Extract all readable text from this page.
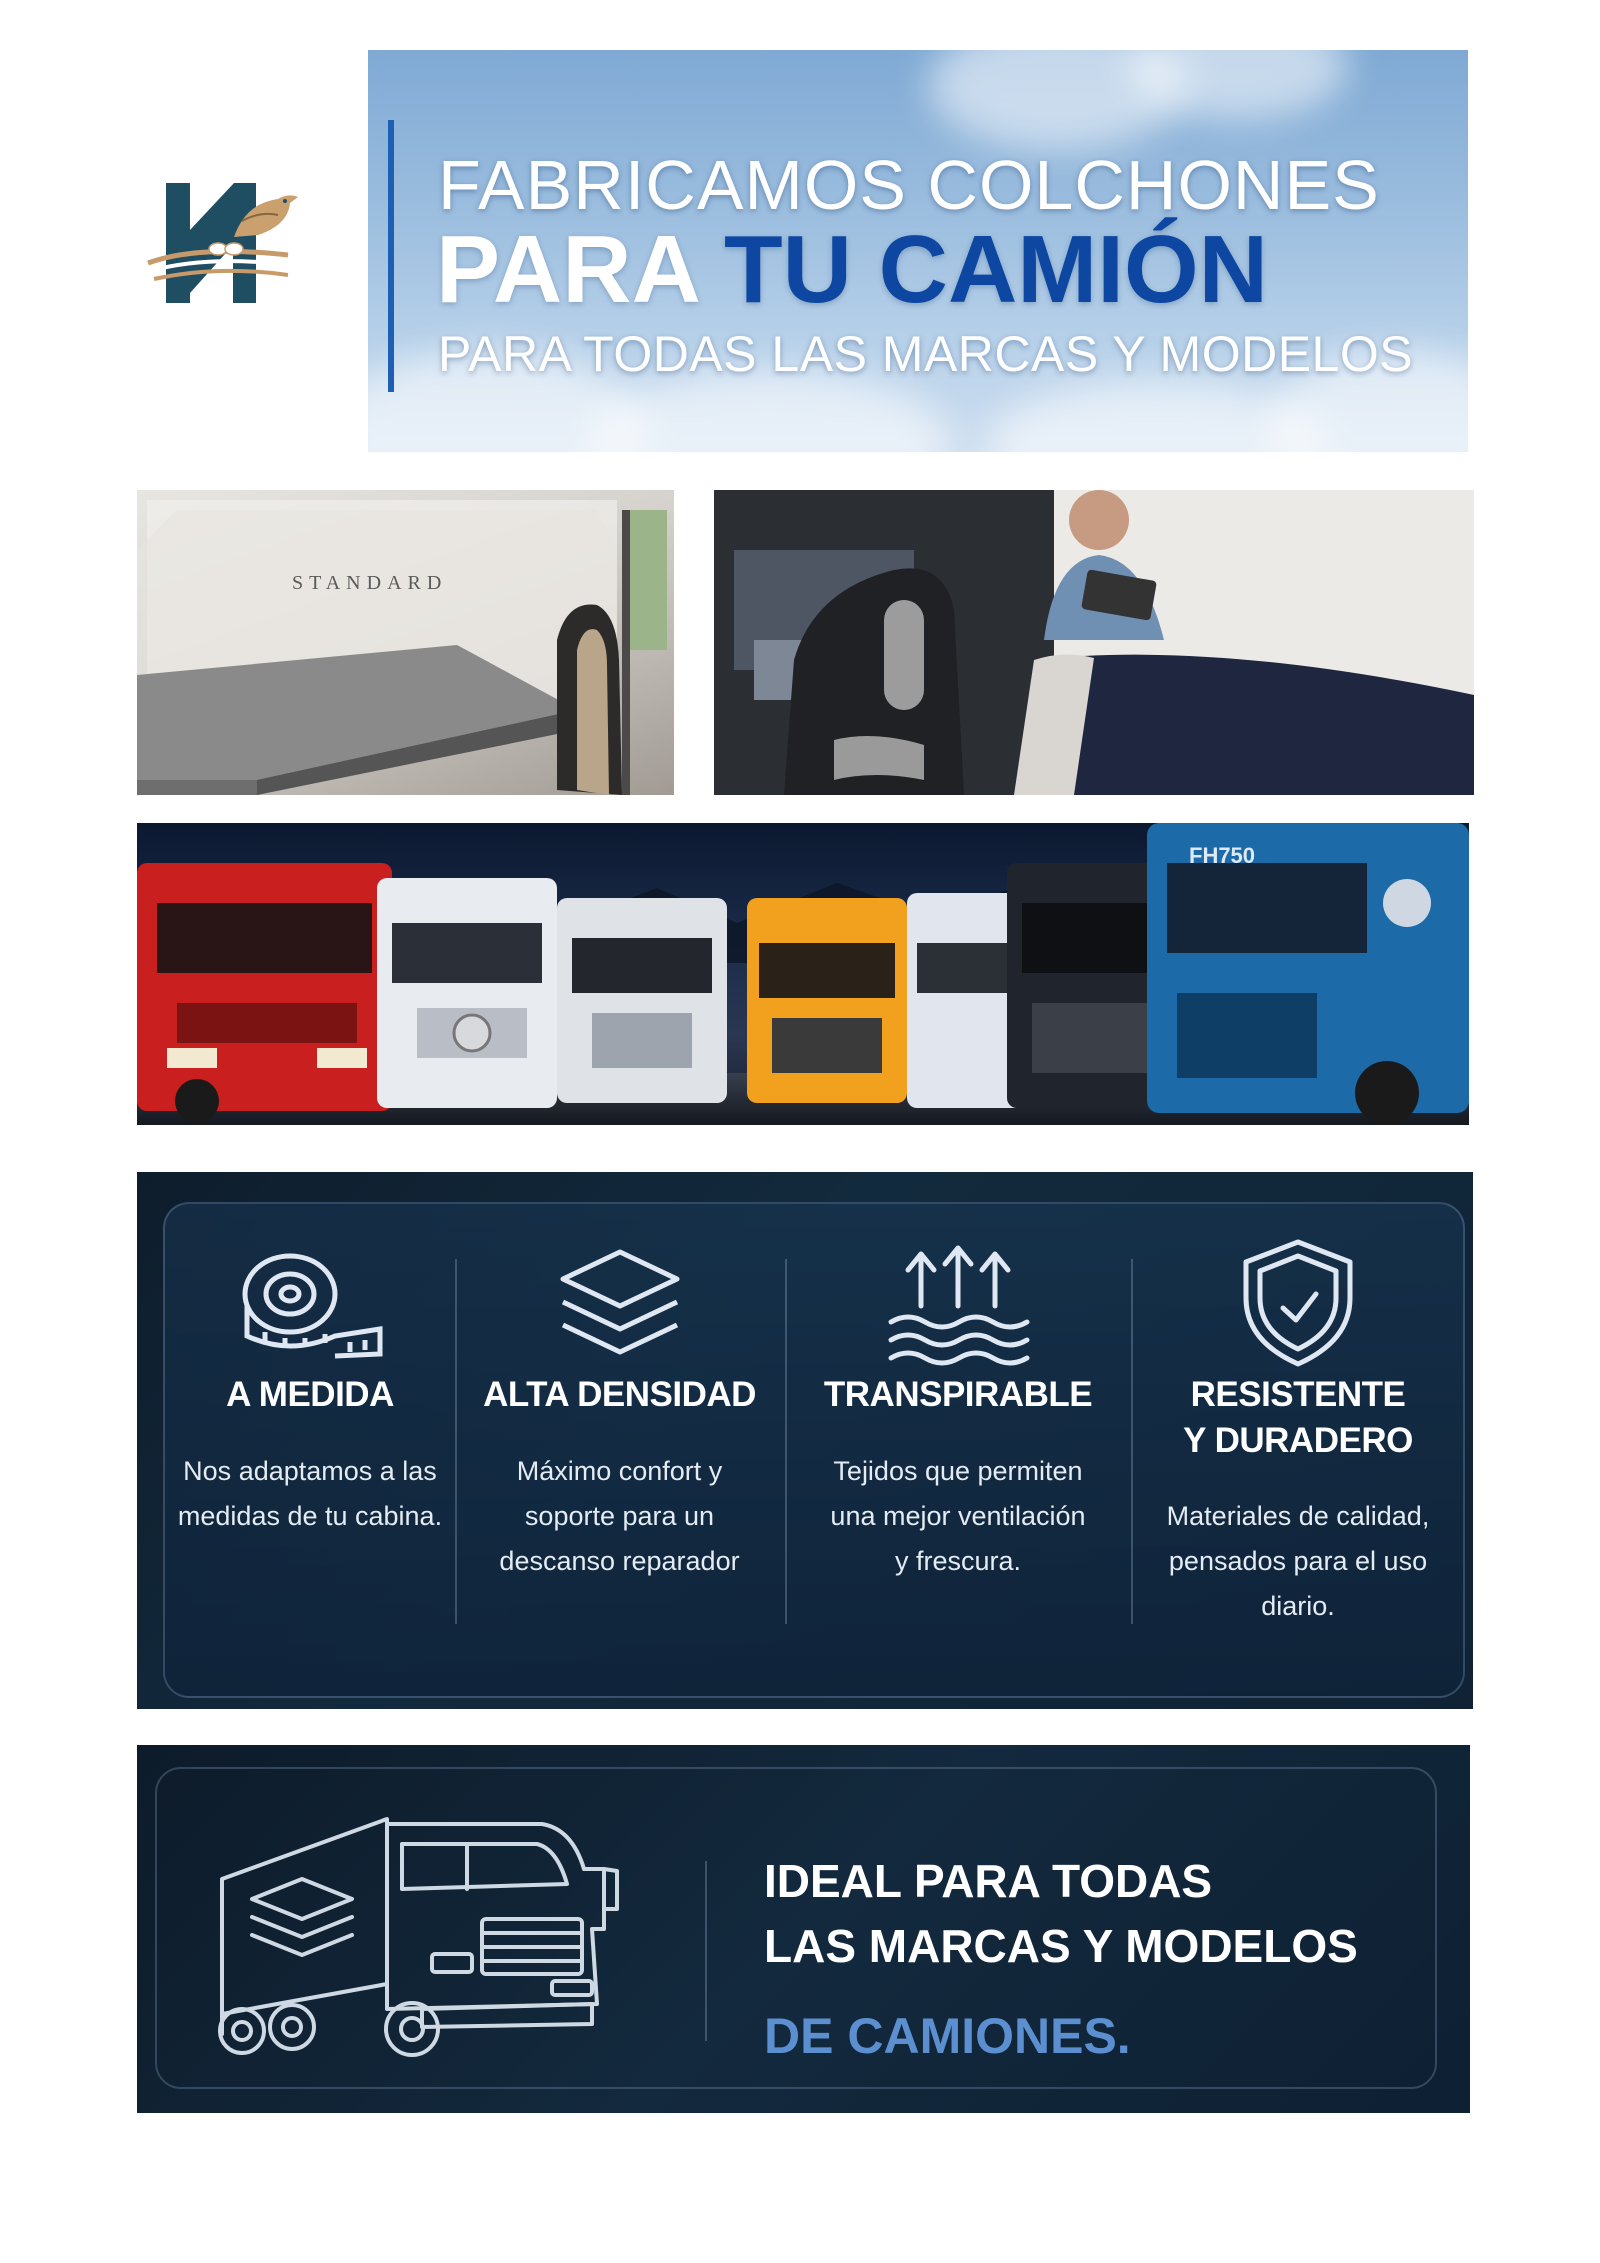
FABRICAMOS COLCHONES
PARA TU CAMIÓN
PARA TODAS LAS MARCAS Y MODELOS
STANDARD
FH750
A MEDIDA
Nos adaptamos a las
medidas de tu cabina.
ALTA DENSIDAD
Máximo confort y
soporte para un
descanso reparador
TRANSPIRABLE
Tejidos que permiten
una mejor ventilación
y frescura.
RESISTENTE
Y DURADERO
Materiales de calidad,
pensados para el uso
diario.
IDEAL PARA TODAS
LAS MARCAS Y MODELOS
DE CAMIONES.
